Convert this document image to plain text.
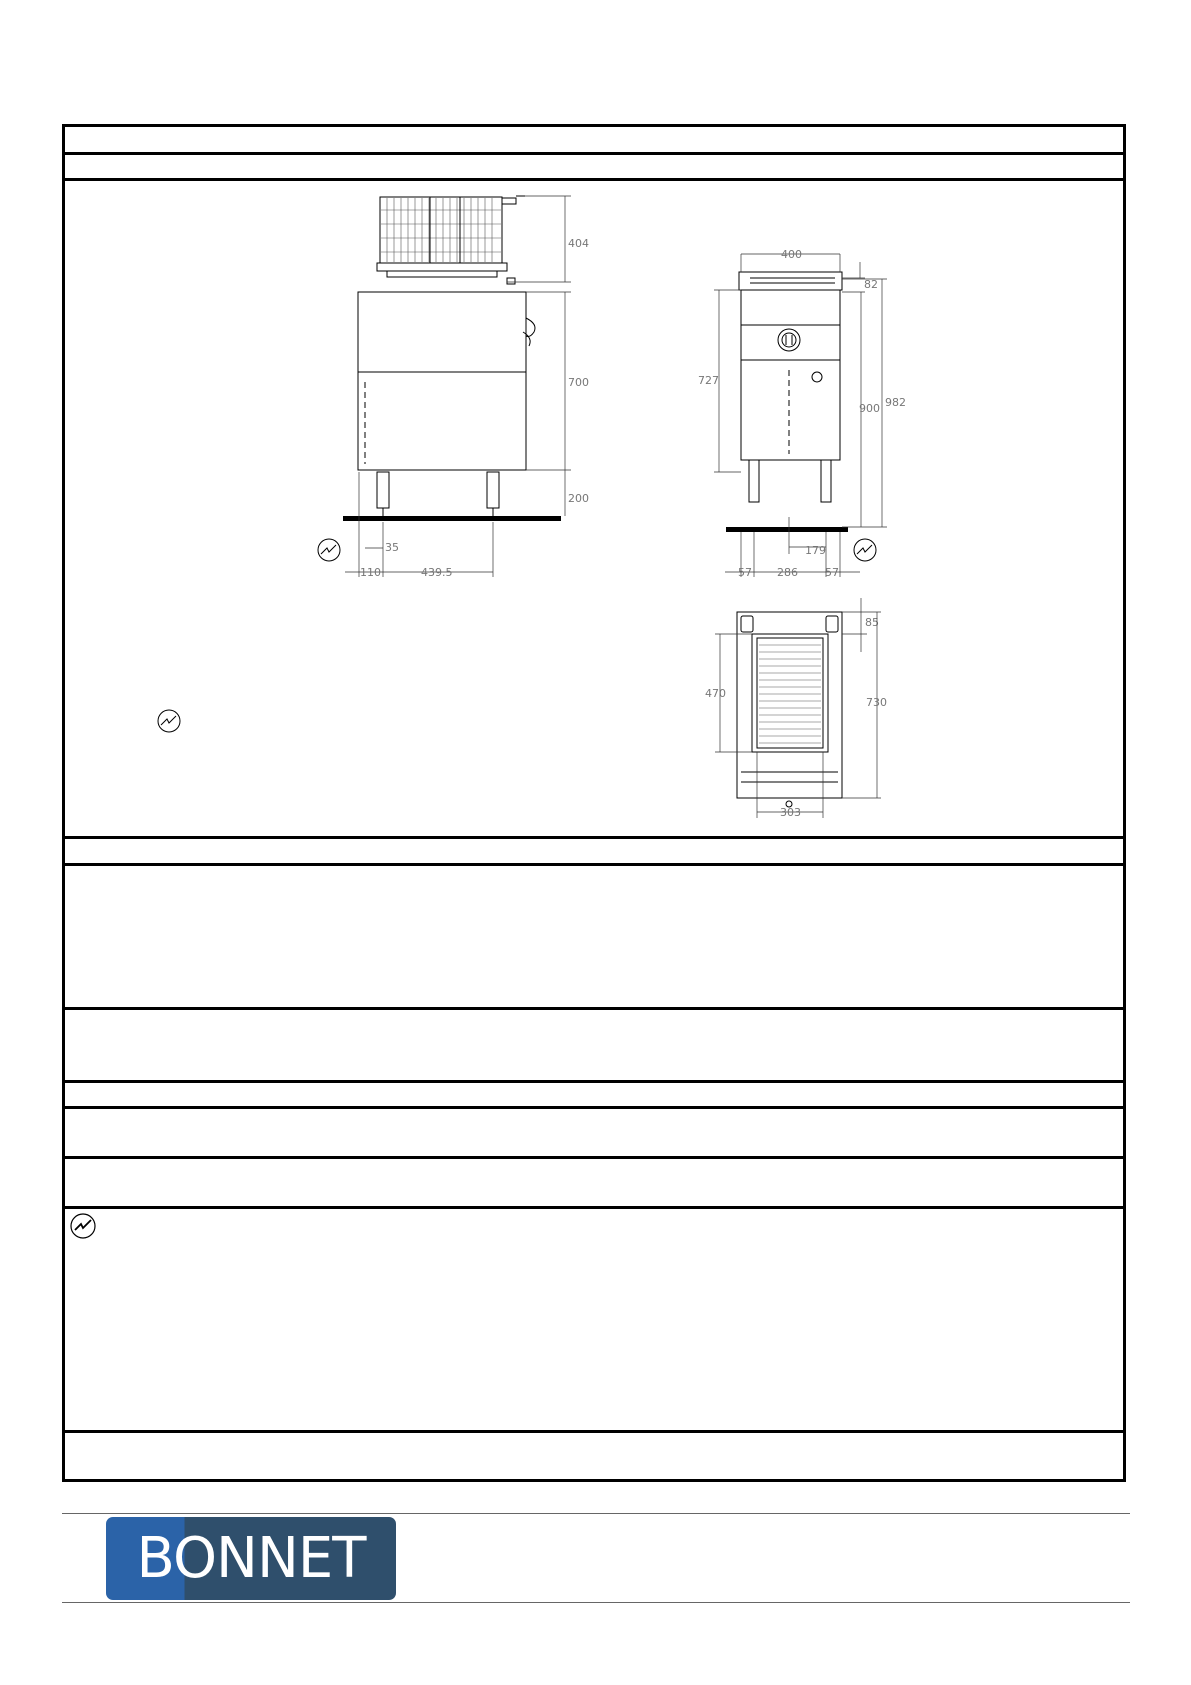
404
700
200
35
110	439.5
400
82
727
900 982
179
57 286 57
85
470
730
303
BONNET
